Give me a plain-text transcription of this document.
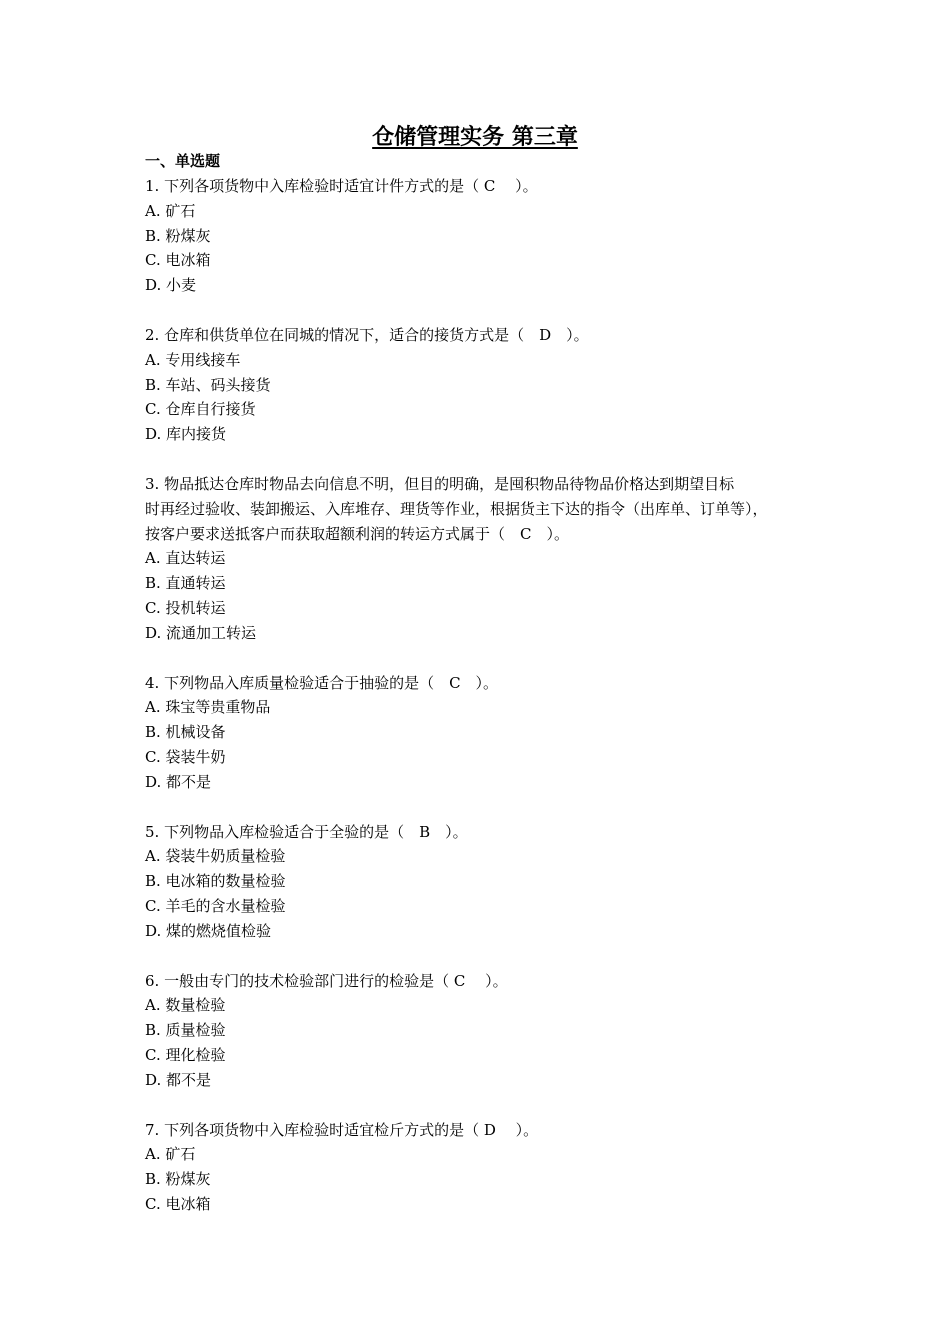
仓储管理实务 第三章
一、单选题
1. 下列各项货物中入库检验时适宜计件方式的是（ C　 ）。
A. 矿石
B. 粉煤灰
C. 电冰箱
D. 小麦
2. 仓库和供货单位在同城的情况下，适合的接货方式是（　D　）。
A. 专用线接车
B. 车站、码头接货
C. 仓库自行接货
D. 库内接货
3. 物品抵达仓库时物品去向信息不明，但目的明确，是囤积物品待物品价格达到期望目标
时再经过验收、装卸搬运、入库堆存、理货等作业，根据货主下达的指令（出库单、订单等），
按客户要求送抵客户而获取超额利润的转运方式属于（　C　）。
A. 直达转运
B. 直通转运
C. 投机转运
D. 流通加工转运
4. 下列物品入库质量检验适合于抽验的是（　C　）。
A. 珠宝等贵重物品
B. 机械设备
C. 袋装牛奶
D. 都不是
5. 下列物品入库检验适合于全验的是（　B　）。
A. 袋装牛奶质量检验
B. 电冰箱的数量检验
C. 羊毛的含水量检验
D. 煤的燃烧值检验
6. 一般由专门的技术检验部门进行的检验是（ C　 ）。
A. 数量检验
B. 质量检验
C. 理化检验
D. 都不是
7. 下列各项货物中入库检验时适宜检斤方式的是（ D　 ）。
A. 矿石
B. 粉煤灰
C. 电冰箱
